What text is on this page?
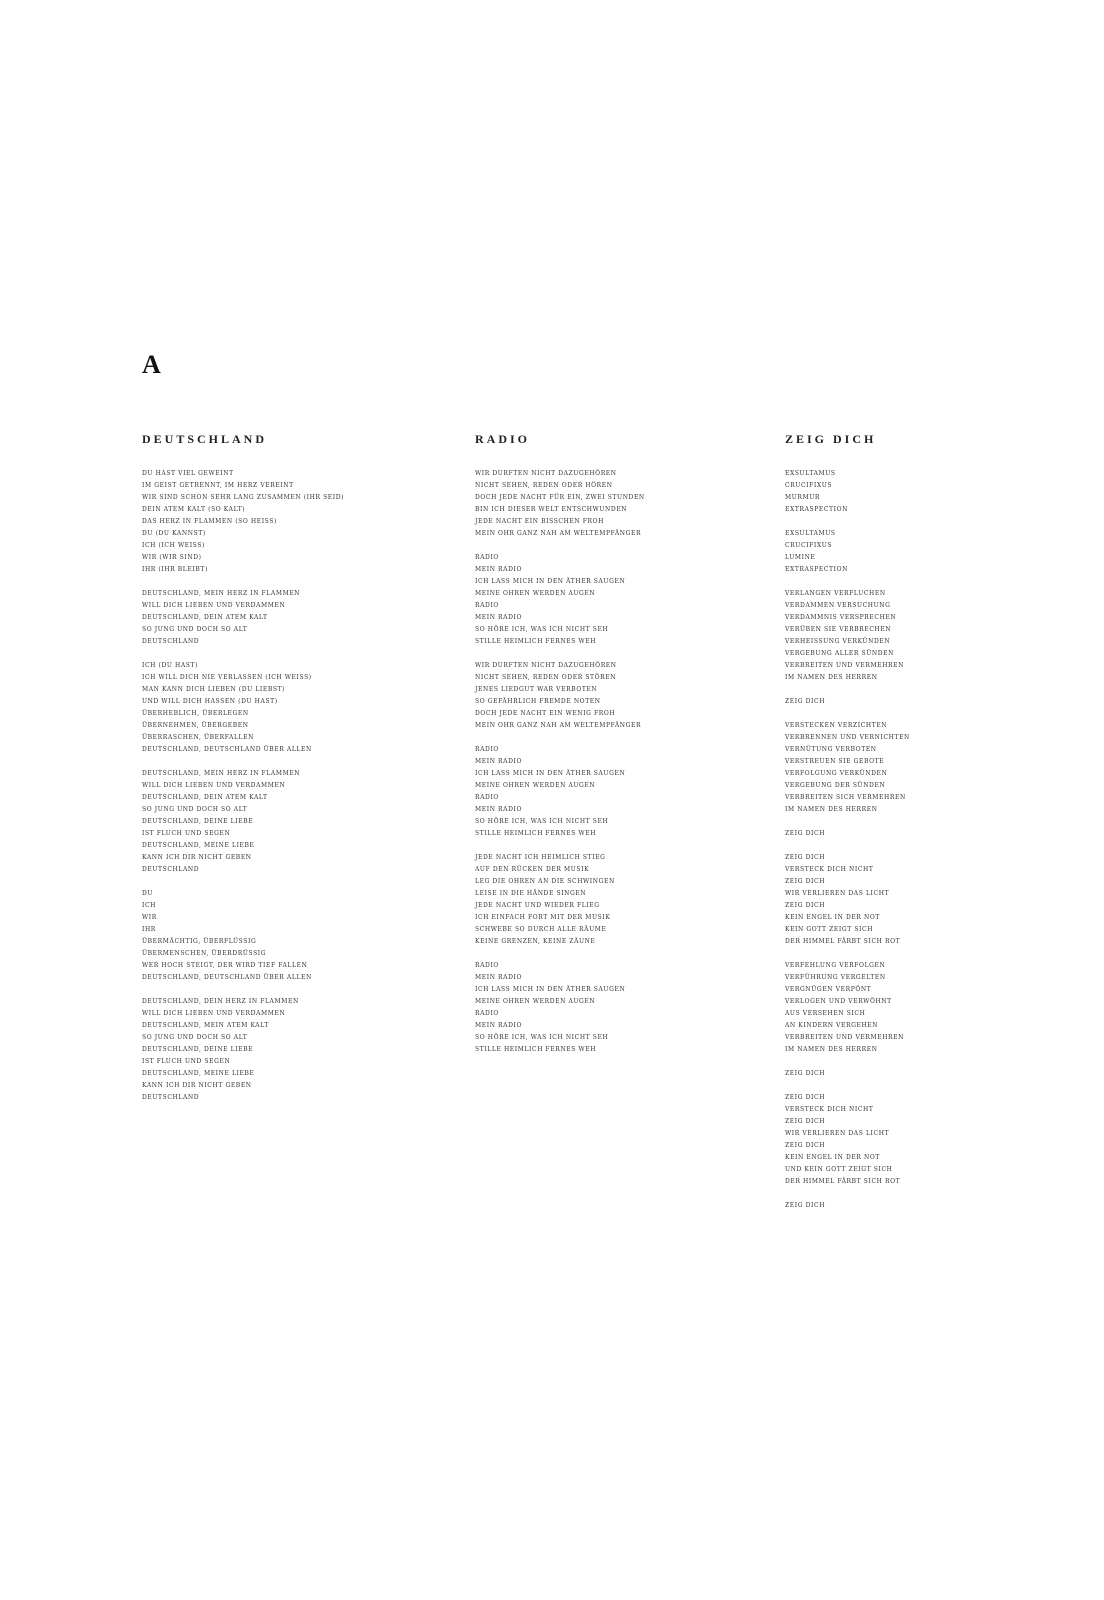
A
DEUTSCHLAND
DU HAST VIEL GEWEINT
IM GEIST GETRENNT, IM HERZ VEREINT
WIR SIND SCHON SEHR LANG ZUSAMMEN (IHR SEID)
DEIN ATEM KALT (SO KALT)
DAS HERZ IN FLAMMEN (SO HEISS)
DU (DU KANNST)
ICH (ICH WEISS)
WIR (WIR SIND)
IHR (IHR BLEIBT)
DEUTSCHLAND, MEIN HERZ IN FLAMMEN
WILL DICH LIEBEN UND VERDAMMEN
DEUTSCHLAND, DEIN ATEM KALT
SO JUNG UND DOCH SO ALT
DEUTSCHLAND
ICH (DU HAST)
ICH WILL DICH NIE VERLASSEN (ICH WEISS)
MAN KANN DICH LIEBEN (DU LIEBST)
UND WILL DICH HASSEN (DU HAST)
ÜBERHEBLICH, ÜBERLEGEN
ÜBERNEHMEN, ÜBERGEBEN
ÜBERRASCHEN, ÜBERFALLEN
DEUTSCHLAND, DEUTSCHLAND ÜBER ALLEN
DEUTSCHLAND, MEIN HERZ IN FLAMMEN
WILL DICH LIEBEN UND VERDAMMEN
DEUTSCHLAND, DEIN ATEM KALT
SO JUNG UND DOCH SO ALT
DEUTSCHLAND, DEINE LIEBE
IST FLUCH UND SEGEN
DEUTSCHLAND, MEINE LIEBE
KANN ICH DIR NICHT GEBEN
DEUTSCHLAND
DU
ICH
WIR
IHR
ÜBERMÄCHTIG, ÜBERFLÜSSIG
ÜBERMENSCHEN, ÜBERDRÜSSIG
WER HOCH STEIGT, DER WIRD TIEF FALLEN
DEUTSCHLAND, DEUTSCHLAND ÜBER ALLEN
DEUTSCHLAND, DEIN HERZ IN FLAMMEN
WILL DICH LIEBEN UND VERDAMMEN
DEUTSCHLAND, MEIN ATEM KALT
SO JUNG UND DOCH SO ALT
DEUTSCHLAND, DEINE LIEBE
IST FLUCH UND SEGEN
DEUTSCHLAND, MEINE LIEBE
KANN ICH DIR NICHT GEBEN
DEUTSCHLAND
RADIO
WIR DURFTEN NICHT DAZUGEHÖREN
NICHT SEHEN, REDEN ODER HÖREN
DOCH JEDE NACHT FÜR EIN, ZWEI STUNDEN
BIN ICH DIESER WELT ENTSCHWUNDEN
JEDE NACHT EIN BISSCHEN FROH
MEIN OHR GANZ NAH AM WELTEMPFÄNGER
RADIO
MEIN RADIO
ICH LASS MICH IN DEN ÄTHER SAUGEN
MEINE OHREN WERDEN AUGEN
RADIO
MEIN RADIO
SO HÖRE ICH, WAS ICH NICHT SEH
STILLE HEIMLICH FERNES WEH
WIR DURFTEN NICHT DAZUGEHÖREN
NICHT SEHEN, REDEN ODER STÖREN
JENES LIEDGUT WAR VERBOTEN
SO GEFÄHRLICH FREMDE NOTEN
DOCH JEDE NACHT EIN WENIG FROH
MEIN OHR GANZ NAH AM WELTEMPFÄNGER
RADIO
MEIN RADIO
ICH LASS MICH IN DEN ÄTHER SAUGEN
MEINE OHREN WERDEN AUGEN
RADIO
MEIN RADIO
SO HÖRE ICH, WAS ICH NICHT SEH
STILLE HEIMLICH FERNES WEH
JEDE NACHT ICH HEIMLICH STIEG
AUF DEN RÜCKEN DER MUSIK
LEG DIE OHREN AN DIE SCHWINGEN
LEISE IN DIE HÄNDE SINGEN
JEDE NACHT UND WIEDER FLIEG
ICH EINFACH FORT MIT DER MUSIK
SCHWEBE SO DURCH ALLE RÄUME
KEINE GRENZEN, KEINE ZÄUNE
RADIO
MEIN RADIO
ICH LASS MICH IN DEN ÄTHER SAUGEN
MEINE OHREN WERDEN AUGEN
RADIO
MEIN RADIO
SO HÖRE ICH, WAS ICH NICHT SEH
STILLE HEIMLICH FERNES WEH
ZEIG DICH
EXSULTAMUS
CRUCIFIXUS
MURMUR
EXTRASPECTION
EXSULTAMUS
CRUCIFIXUS
LUMINE
EXTRASPECTION
VERLANGEN VERFLUCHEN
VERDAMMEN VERSUCHUNG
VERDAMMNIS VERSPRECHEN
VERÜBEN SIE VERBRECHEN
VERHEISSUNG VERKÜNDEN
VERGEBUNG ALLER SÜNDEN
VERBREITEN UND VERMEHREN
IM NAMEN DES HERREN
ZEIG DICH
VERSTECKEN VERZICHTEN
VERBRENNEN UND VERNICHTEN
VERNÜTUNG VERBOTEN
VERSTREUEN SIE GEBOTE
VERFOLGUNG VERKÜNDEN
VERGEBUNG DER SÜNDEN
VERBREITEN SICH VERMEHREN
IM NAMEN DES HERREN
ZEIG DICH
ZEIG DICH
VERSTECK DICH NICHT
ZEIG DICH
WIR VERLIEREN DAS LICHT
ZEIG DICH
KEIN ENGEL IN DER NOT
KEIN GOTT ZEIGT SICH
DER HIMMEL FÄRBT SICH ROT
VERFEHLUNG VERFOLGEN
VERFÜHRUNG VERGELTEN
VERGNÜGEN VERPÖNT
VERLOGEN UND VERWÖHNT
AUS VERSEHEN SICH
AN KINDERN VERGEHEN
VERBREITEN UND VERMEHREN
IM NAMEN DES HERREN
ZEIG DICH
ZEIG DICH
VERSTECK DICH NICHT
ZEIG DICH
WIR VERLIEREN DAS LICHT
ZEIG DICH
KEIN ENGEL IN DER NOT
UND KEIN GOTT ZEIGT SICH
DER HIMMEL FÄRBT SICH ROT
ZEIG DICH
